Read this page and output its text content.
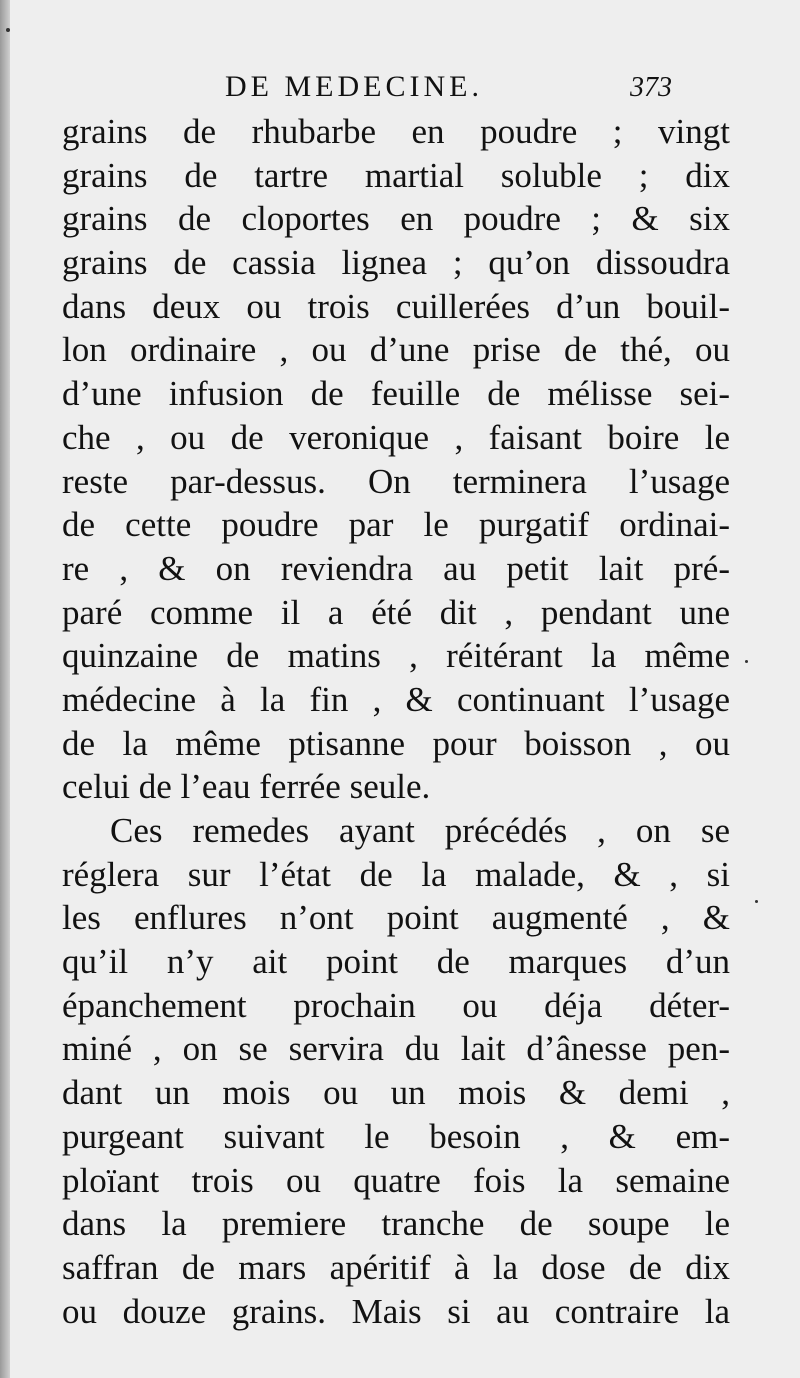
DE MEDECINE.	373
grains de rhubarbe en poudre ; vingt
grains de tartre martial soluble ; dix
grains de cloportes en poudre ; & six
grains de cassia lignea ; qu’on dissoudra
dans deux ou trois cuillerées d’un bouil-
lon ordinaire , ou d’une prise de thé, ou
d’une infusion de feuille de mélisse sei-
che , ou de veronique , faisant boire le
reste par-dessus. On terminera l’usage
de cette poudre par le purgatif ordinai-
re , & on reviendra au petit lait pré-
paré comme il a été dit , pendant une
quinzaine de matins , réitérant la même
médecine à la fin , & continuant l’usage
de la même ptisanne pour boisson , ou
celui de l’eau ferrée seule.
Ces remedes ayant précédés , on se
réglera sur l’état de la malade, & , si
les enflures n’ont point augmenté , &
qu’il n’y ait point de marques d’un
épanchement prochain ou déja déter-
miné , on se servira du lait d’ânesse pen-
dant un mois ou un mois & demi ,
purgeant suivant le besoin , & em-
ploïant trois ou quatre fois la semaine
dans la premiere tranche de soupe le
saffran de mars apéritif à la dose de dix
ou douze grains. Mais si au contraire la
